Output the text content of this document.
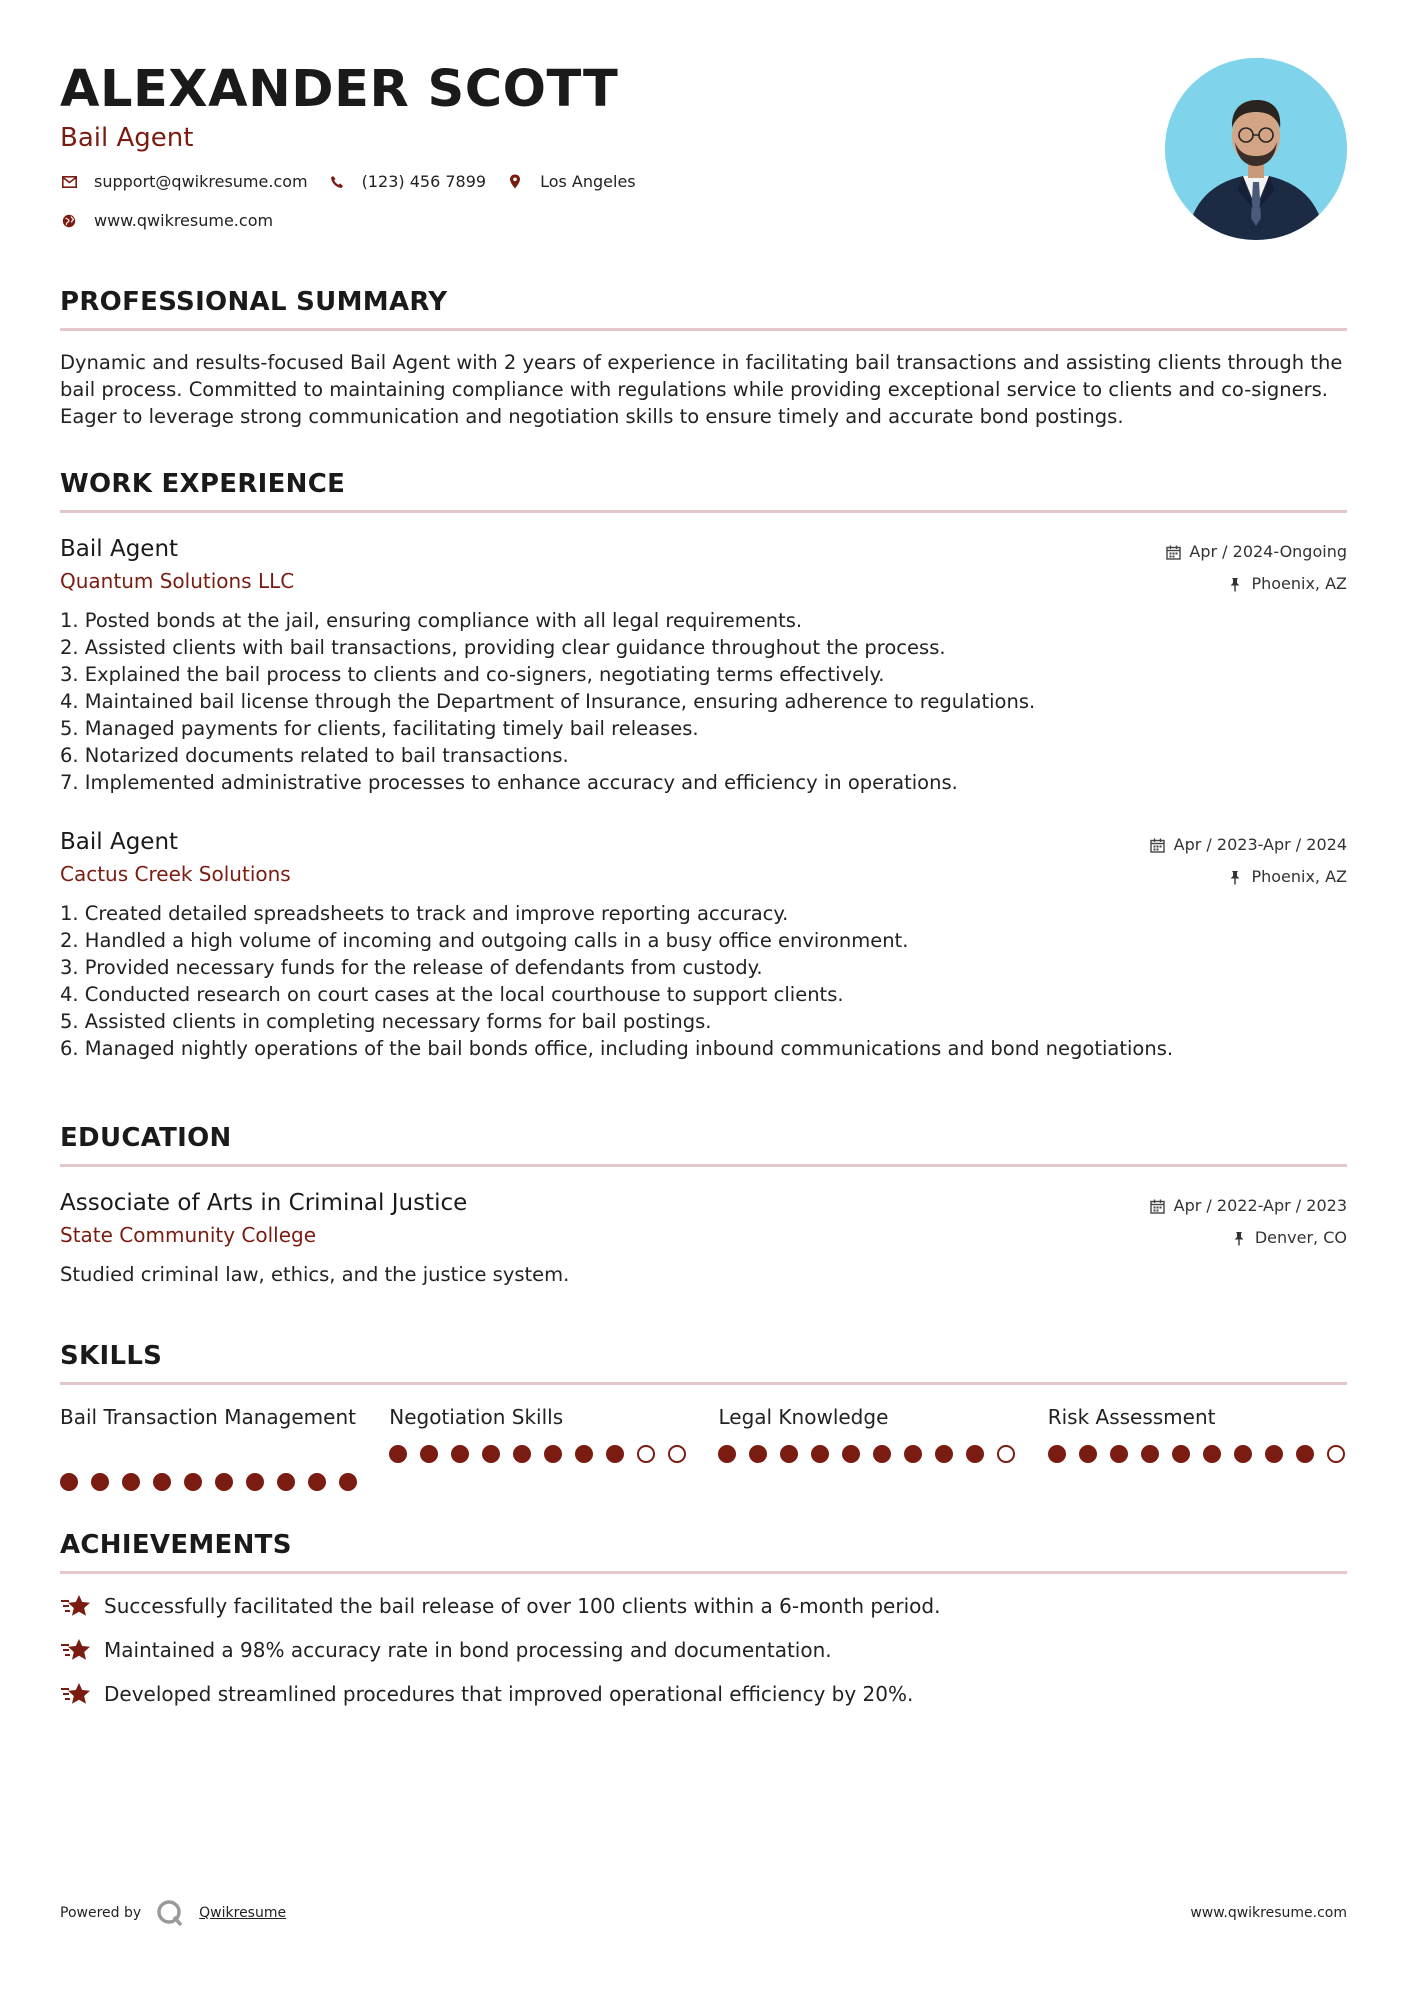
ALEXANDER SCOTT
Bail Agent
support@qwikresume.com	(123) 456 7899	Los Angeles
www.qwikresume.com
PROFESSIONAL SUMMARY
Dynamic and results-focused Bail Agent with 2 years of experience in facilitating bail transactions and assisting clients through the bail process. Committed to maintaining compliance with regulations while providing exceptional service to clients and co-signers. Eager to leverage strong communication and negotiation skills to ensure timely and accurate bond postings.
WORK EXPERIENCE
Bail Agent
Quantum Solutions LLC
Apr / 2024-Ongoing
Phoenix, AZ
1. Posted bonds at the jail, ensuring compliance with all legal requirements.
2. Assisted clients with bail transactions, providing clear guidance throughout the process.
3. Explained the bail process to clients and co-signers, negotiating terms effectively.
4. Maintained bail license through the Department of Insurance, ensuring adherence to regulations.
5. Managed payments for clients, facilitating timely bail releases.
6. Notarized documents related to bail transactions.
7. Implemented administrative processes to enhance accuracy and efficiency in operations.
Bail Agent
Cactus Creek Solutions
Apr / 2023-Apr / 2024
Phoenix, AZ
1. Created detailed spreadsheets to track and improve reporting accuracy.
2. Handled a high volume of incoming and outgoing calls in a busy office environment.
3. Provided necessary funds for the release of defendants from custody.
4. Conducted research on court cases at the local courthouse to support clients.
5. Assisted clients in completing necessary forms for bail postings.
6. Managed nightly operations of the bail bonds office, including inbound communications and bond negotiations.
EDUCATION
Associate of Arts in Criminal Justice
State Community College
Apr / 2022-Apr / 2023
Denver, CO
Studied criminal law, ethics, and the justice system.
SKILLS
Bail Transaction Management	Negotiation Skills	Legal Knowledge	Risk Assessment
ACHIEVEMENTS
Successfully facilitated the bail release of over 100 clients within a 6-month period.
Maintained a 98% accuracy rate in bond processing and documentation.
Developed streamlined procedures that improved operational efficiency by 20%.
Powered by	Qwikresume	www.qwikresume.com
